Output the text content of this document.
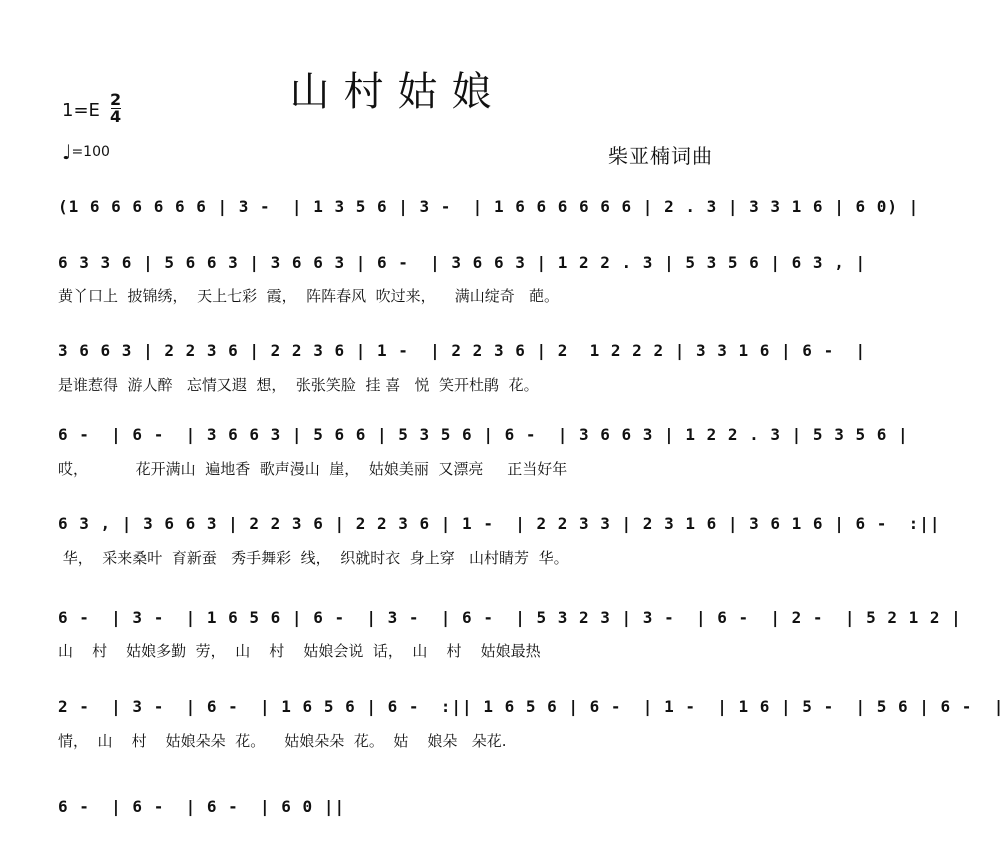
山村姑娘
1=E
2
4
♩=100	柴亚楠词曲
(1 6 6 6 6 6 6 | 3 -  | 1 3 5 6 | 3 -  | 1 6 6 6 6 6 6 | 2 . 3 | 3 3 1 6 | 6 0) |
6 3 3 6 | 5 6 6 3 | 3 6 6 3 | 6 -  | 3 6 6 3 | 1 2 2 . 3 | 5 3 5 6 | 6 3 , |
黄丫口上  披锦绣，  天上七彩  霞，  阵阵春风  吹过来，    满山绽奇   葩。
3 6 6 3 | 2 2 3 6 | 2 2 3 6 | 1 -  | 2 2 3 6 | 2  1 2 2 2 | 3 3 1 6 | 6 -  |
是谁惹得  游人醉   忘情又遐  想，  张张笑脸  挂 喜   悦  笑开杜鹃  花。
6 -  | 6 -  | 3 6 6 3 | 5 6 6 | 5 3 5 6 | 6 -  | 3 6 6 3 | 1 2 2 . 3 | 5 3 5 6 |
哎，          花开满山  遍地香  歌声漫山  崖，  姑娘美丽  又漂亮     正当好年
6 3 , | 3 6 6 3 | 2 2 3 6 | 2 2 3 6 | 1 -  | 2 2 3 3 | 2 3 1 6 | 3 6 1 6 | 6 -  :||
华，  采来桑叶  育新蚕   秀手舞彩  线，  织就时衣  身上穿   山村睛芳  华。
6 -  | 3 -  | 1 6 5 6 | 6 -  | 3 -  | 6 -  | 5 3 2 3 | 3 -  | 6 -  | 2 -  | 5 2 1 2 |
山    村    姑娘多勤  劳，  山    村    姑娘会说  话，  山    村    姑娘最热
2 -  | 3 -  | 6 -  | 1 6 5 6 | 6 -  :|| 1 6 5 6 | 6 -  | 1 -  | 1 6 | 5 -  | 5 6 | 6 -  |
情，  山    村    姑娘朵朵  花。    姑娘朵朵  花。  姑    娘朵   朵花.
6 -  | 6 -  | 6 -  | 6 0 ||
